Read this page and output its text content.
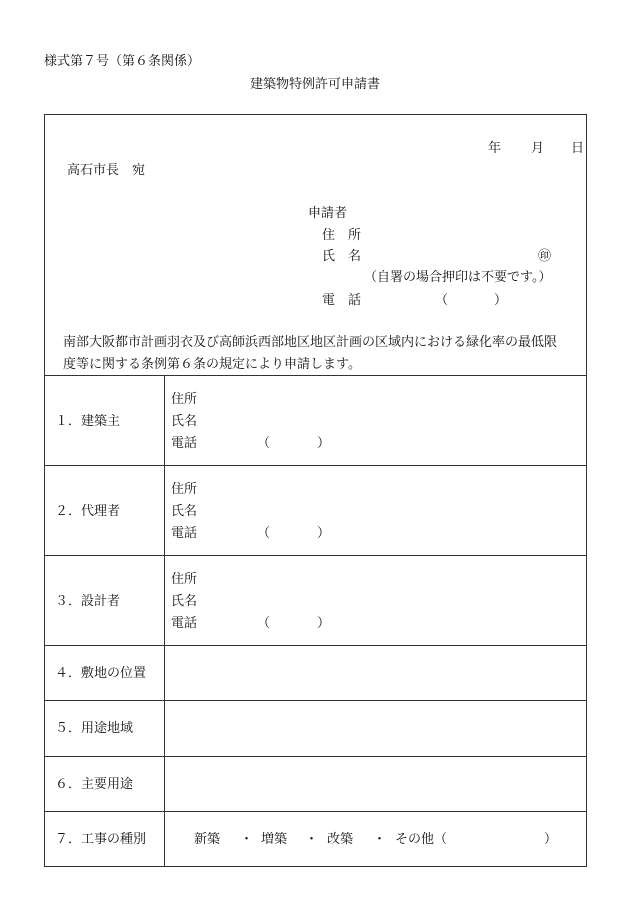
様式第７号（第６条関係）
建築物特例許可申請書
年 月 日
高石市長　宛
申請者
住　所
氏　名	㊞
（自署の場合押印は不要です。）
電　話	（	）
南部大阪都市計画羽衣及び高師浜西部地区地区計画の区域内における緑化率の最低限
度等に関する条例第６条の規定により申請します。
１．建築主
住所
氏名
電話	（	）
２．代理者
住所
氏名
電話	（	）
３．設計者
住所
氏名
電話	（	）
４．敷地の位置
５．用途地域
６．主要用途
７．工事の種別	新築 ・ 増築 ・ 改築 ・ その他（	）
